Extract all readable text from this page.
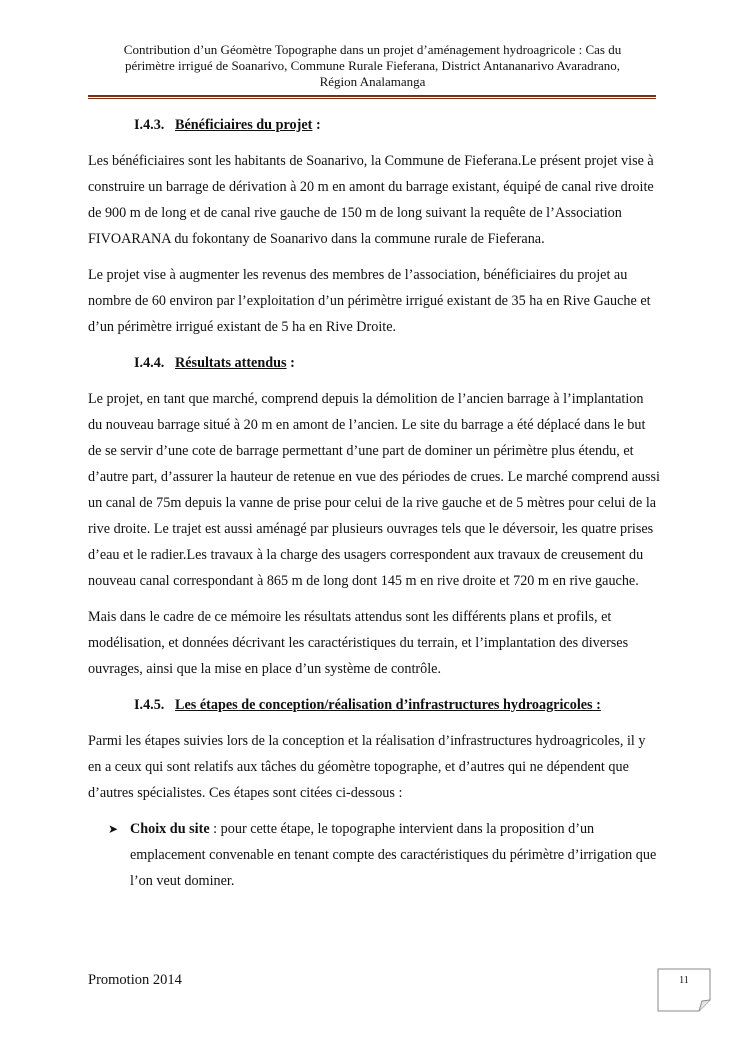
Contribution d’un Géomètre Topographe dans un projet d’aménagement hydroagricole : Cas du
périmètre irrigué de Soanarivo, Commune Rurale Fieferana, District Antananarivo Avaradrano,
Région Analamanga
I.4.3. Bénéficiaires du projet :

Les bénéficiaires sont les habitants de Soanarivo, la Commune de Fieferana.Le présent projet vise à construire un barrage de dérivation à 20 m en amont du barrage existant, équipé de canal rive droite de 900 m de long et de canal rive gauche de 150 m de long suivant la requête de l’Association FIVOARANA du fokontany de Soanarivo dans la commune rurale de Fieferana.

Le projet vise à augmenter les revenus des membres de l’association, bénéficiaires du projet au nombre de 60 environ par l’exploitation d’un périmètre irrigué existant de 35 ha en Rive Gauche et d’un périmètre irrigué existant de 5 ha en Rive Droite.

I.4.4.   Résultats attendus :

Le projet, en tant que marché, comprend depuis la démolition de l’ancien barrage à l’implantation du nouveau barrage situé à 20 m en amont de l’ancien. Le site du barrage a été déplacé dans le but de se servir d’une cote de barrage permettant d’une part de dominer un périmètre plus étendu, et d’autre part, d’assurer la hauteur de retenue en vue des périodes de crues. Le marché comprend aussi un canal de 75m depuis la vanne de prise pour celui de la rive gauche et de 5 mètres pour celui de la rive droite. Le trajet est aussi aménagé par plusieurs ouvrages tels que le déversoir, les quatre prises d’eau et le radier.Les travaux à la charge des usagers correspondent aux travaux de creusement du nouveau canal correspondant à 865 m de long dont 145 m en rive droite et 720 m en rive gauche.

Mais dans le cadre de ce mémoire les résultats attendus sont les différents plans et profils, et modélisation, et données décrivant les caractéristiques du terrain, et l’implantation des diverses ouvrages, ainsi que la mise en place d’un système de contrôle.

I.4.5. Les étapes de conception/réalisation d’infrastructures hydroagricoles :

Parmi les étapes suivies lors de la conception et la réalisation d’infrastructures hydroagricoles, il y en a ceux qui sont relatifs aux tâches du géomètre topographe, et d’autres qui ne dépendent que d’autres spécialistes. Ces étapes sont citées ci-dessous :

➤ Choix du site : pour cette étape, le topographe intervient dans la proposition d’un emplacement convenable en tenant compte des caractéristiques du périmètre d’irrigation que l’on veut dominer.

Promotion 2014	11
